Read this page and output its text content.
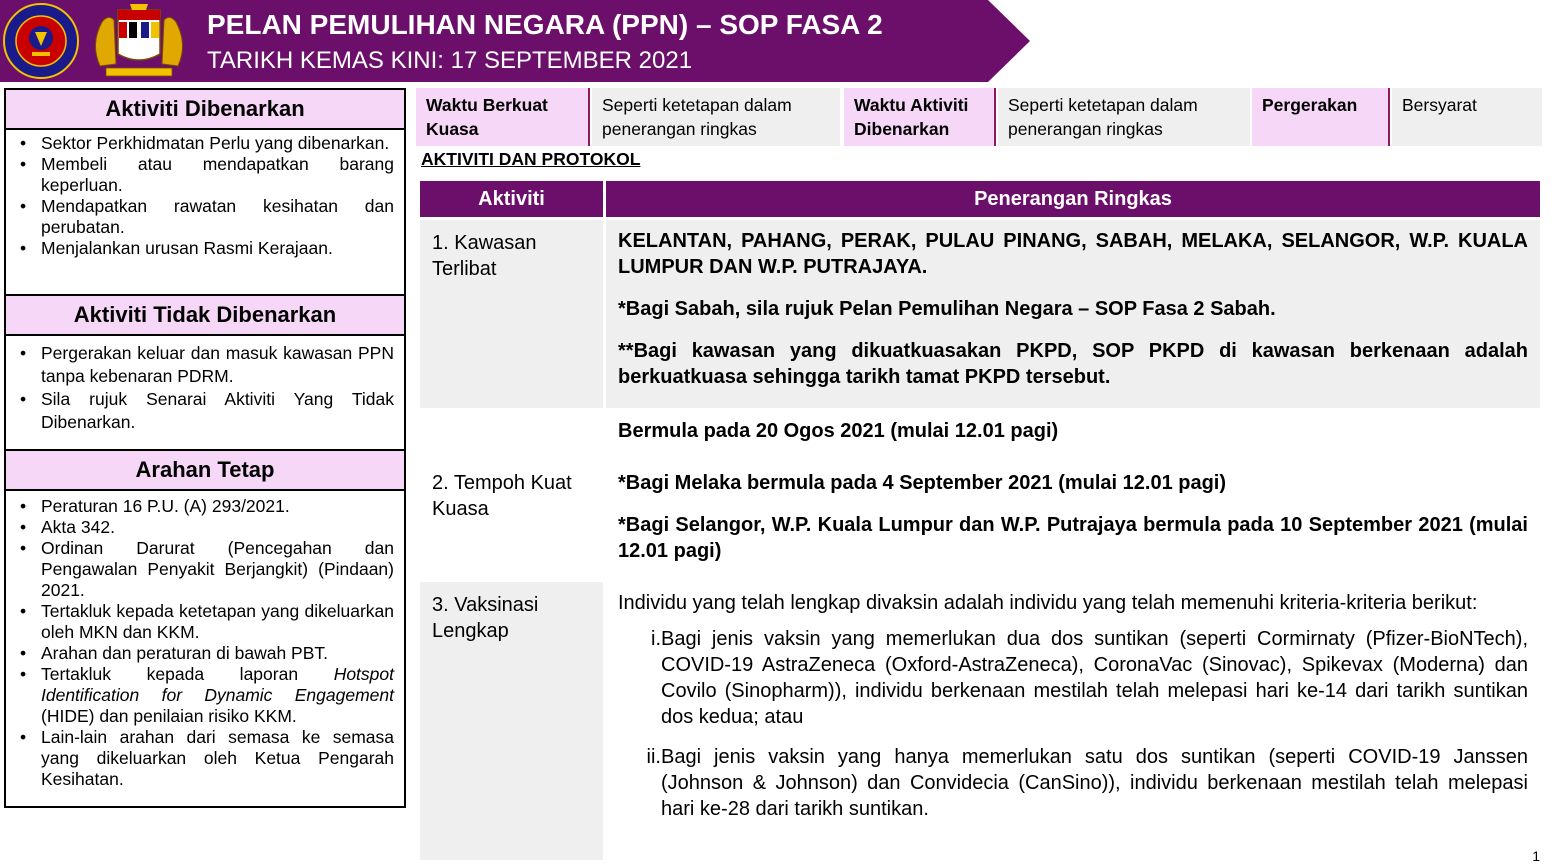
PELAN PEMULIHAN NEGARA (PPN) – SOP FASA 2
TARIKH KEMAS KINI: 17 SEPTEMBER 2021
Aktiviti Dibenarkan
• Sektor Perkhidmatan Perlu yang dibenarkan.
• Membeli atau mendapatkan barang keperluan.
• Mendapatkan rawatan kesihatan dan perubatan.
• Menjalankan urusan Rasmi Kerajaan.
Aktiviti Tidak Dibenarkan
• Pergerakan keluar dan masuk kawasan PPN tanpa kebenaran PDRM.
• Sila rujuk Senarai Aktiviti Yang Tidak Dibenarkan.
Arahan Tetap
• Peraturan 16 P.U. (A) 293/2021.
• Akta 342.
• Ordinan Darurat (Pencegahan dan Pengawalan Penyakit Berjangkit) (Pindaan) 2021.
• Tertakluk kepada ketetapan yang dikeluarkan oleh MKN dan KKM.
• Arahan dan peraturan di bawah PBT.
• Tertakluk kepada laporan Hotspot Identification for Dynamic Engagement (HIDE) dan penilaian risiko KKM.
• Lain-lain arahan dari semasa ke semasa yang dikeluarkan oleh Ketua Pengarah Kesihatan.
Waktu Berkuat Kuasa
Seperti ketetapan dalam penerangan ringkas
Waktu Aktiviti Dibenarkan
Seperti ketetapan dalam penerangan ringkas
Pergerakan	Bersyarat
AKTIVITI DAN PROTOKOL
Aktiviti	Penerangan Ringkas
1. Kawasan Terlibat

KELANTAN, PAHANG, PERAK, PULAU PINANG, SABAH, MELAKA, SELANGOR, W.P. KUALA LUMPUR DAN W.P. PUTRAJAYA.

*Bagi Sabah, sila rujuk Pelan Pemulihan Negara – SOP Fasa 2 Sabah.

**Bagi kawasan yang dikuatkuasakan PKPD, SOP PKPD di kawasan berkenaan adalah berkuatkuasa sehingga tarikh tamat PKPD tersebut.

2. Tempoh Kuat Kuasa

Bermula pada 20 Ogos 2021 (mulai 12.01 pagi)

*Bagi Melaka bermula pada 4 September 2021 (mulai 12.01 pagi)

*Bagi Selangor, W.P. Kuala Lumpur dan W.P. Putrajaya bermula pada 10 September 2021 (mulai 12.01 pagi)

3. Vaksinasi Lengkap

Individu yang telah lengkap divaksin adalah individu yang telah memenuhi kriteria-kriteria berikut:

i. Bagi jenis vaksin yang memerlukan dua dos suntikan (seperti Cormirnaty (Pfizer-BioNTech), COVID-19 AstraZeneca (Oxford-AstraZeneca), CoronaVac (Sinovac), Spikevax (Moderna) dan Covilo (Sinopharm)), individu berkenaan mestilah telah melepasi hari ke-14 dari tarikh suntikan dos kedua; atau
ii. Bagi jenis vaksin yang hanya memerlukan satu dos suntikan (seperti COVID-19 Janssen (Johnson & Johnson) dan Convidecia (CanSino)), individu berkenaan mestilah telah melepasi hari ke-28 dari tarikh suntikan.
1
